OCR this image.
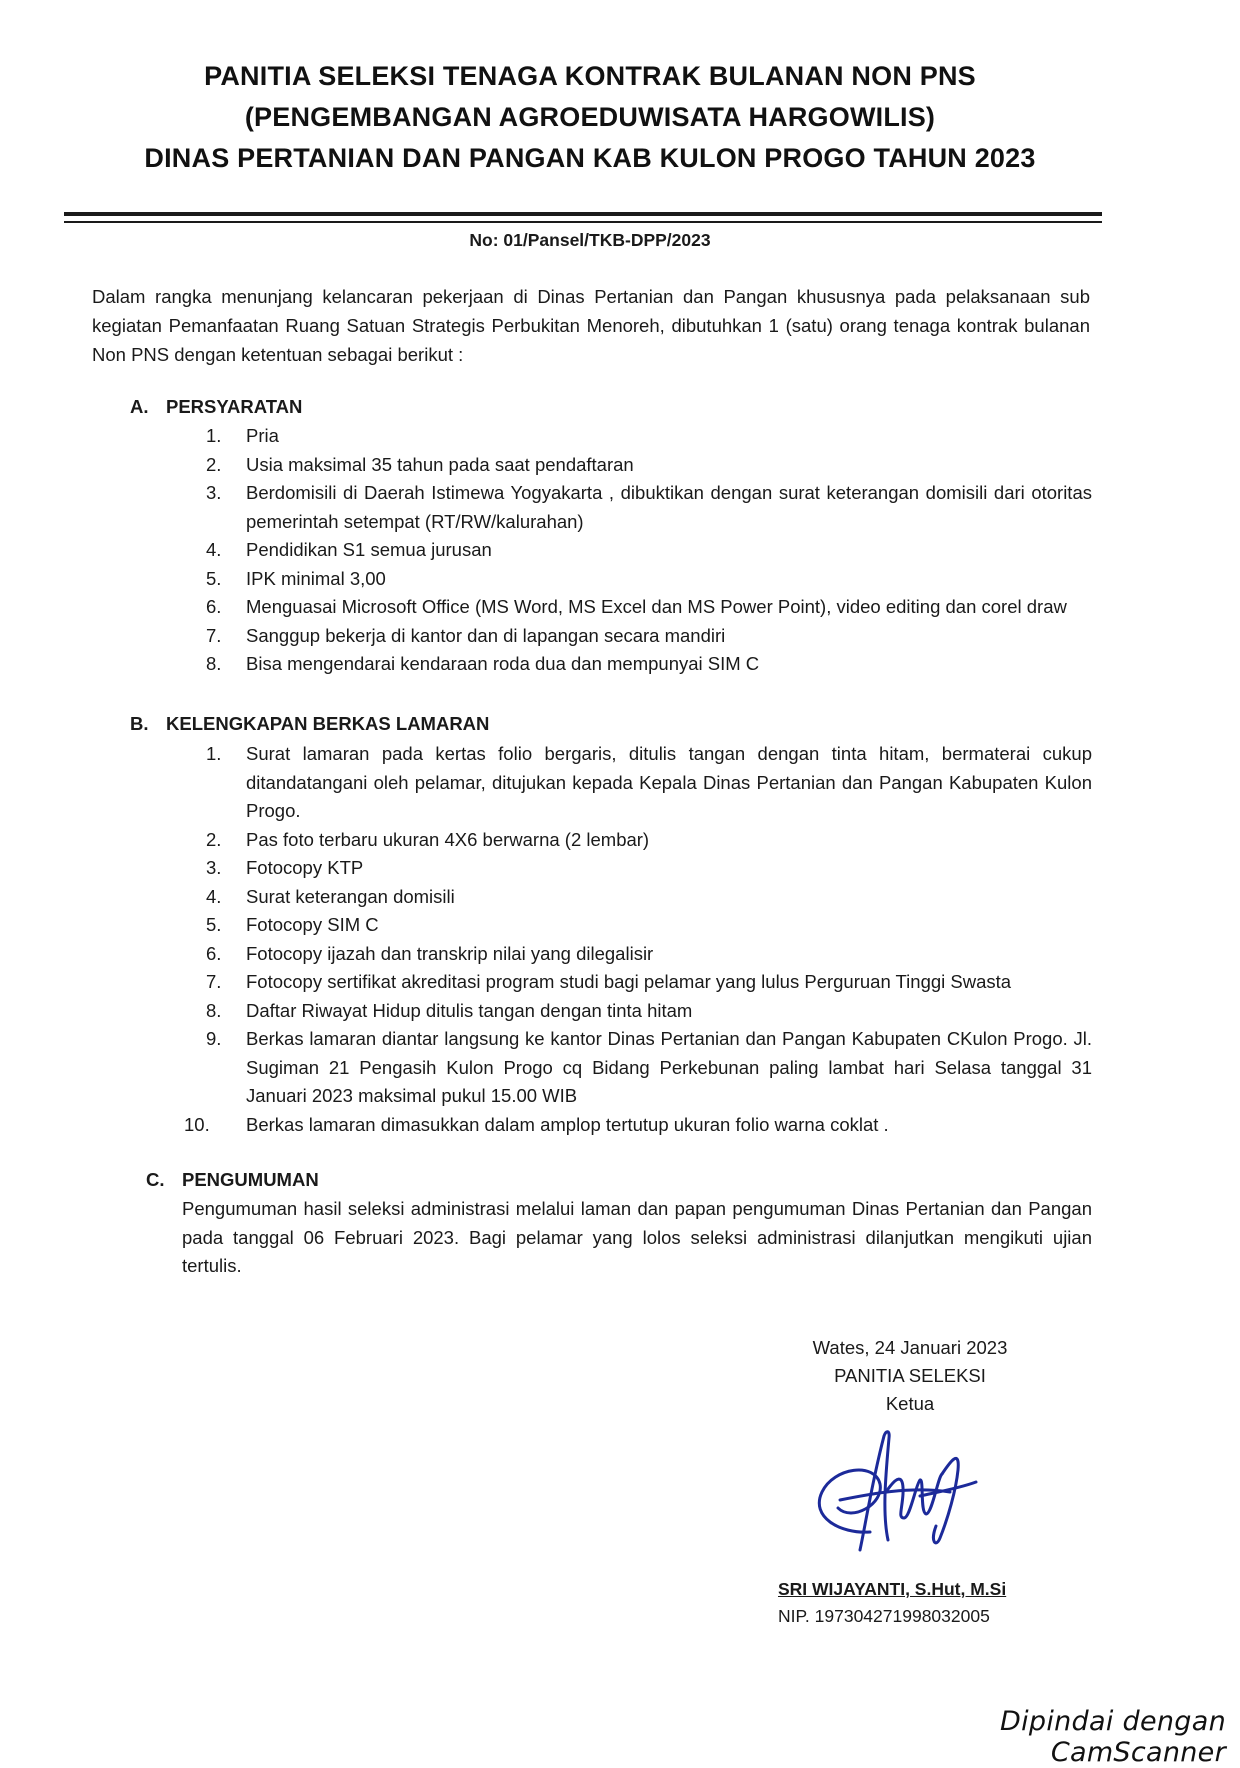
PANITIA SELEKSI TENAGA KONTRAK BULANAN NON PNS
(PENGEMBANGAN AGROEDUWISATA HARGOWILIS)
DINAS PERTANIAN DAN PANGAN KAB KULON PROGO TAHUN 2023
No: 01/Pansel/TKB-DPP/2023
Dalam rangka menunjang kelancaran pekerjaan di Dinas Pertanian dan Pangan khususnya pada pelaksanaan sub kegiatan Pemanfaatan Ruang Satuan Strategis Perbukitan Menoreh, dibutuhkan 1 (satu) orang tenaga kontrak bulanan Non PNS dengan ketentuan sebagai berikut :
A. PERSYARATAN
1.	Pria
2.	Usia maksimal 35 tahun pada saat pendaftaran
3.	Berdomisili di Daerah Istimewa Yogyakarta , dibuktikan dengan surat keterangan domisili dari otoritas pemerintah setempat (RT/RW/kalurahan)
4.	Pendidikan S1 semua jurusan
5.	IPK minimal 3,00
6.	Menguasai Microsoft Office (MS Word, MS Excel dan MS Power Point), video editing dan corel draw
7.	Sanggup bekerja di kantor dan di lapangan secara mandiri
8.	Bisa mengendarai kendaraan roda dua dan mempunyai SIM C
B. KELENGKAPAN BERKAS LAMARAN
1.	Surat lamaran pada kertas folio bergaris, ditulis tangan dengan tinta hitam, bermaterai cukup ditandatangani oleh pelamar, ditujukan kepada Kepala Dinas Pertanian dan Pangan Kabupaten Kulon Progo.
2.	Pas foto terbaru ukuran 4X6 berwarna (2 lembar)
3.	Fotocopy KTP
4.	Surat keterangan domisili
5.	Fotocopy SIM C
6.	Fotocopy ijazah dan transkrip nilai yang dilegalisir
7.	Fotocopy sertifikat akreditasi program studi bagi pelamar yang lulus Perguruan Tinggi Swasta
8.	Daftar Riwayat Hidup ditulis tangan dengan tinta hitam
9.	Berkas lamaran diantar langsung ke kantor Dinas Pertanian dan Pangan Kabupaten CKulon Progo. Jl. Sugiman 21 Pengasih Kulon Progo cq Bidang Perkebunan paling lambat hari Selasa tanggal 31 Januari 2023 maksimal pukul 15.00 WIB
10.	Berkas lamaran dimasukkan dalam amplop tertutup ukuran folio warna coklat .
C. PENGUMUMAN
Pengumuman hasil seleksi administrasi melalui laman dan papan pengumuman Dinas Pertanian dan Pangan pada tanggal 06 Februari 2023. Bagi pelamar yang lolos seleksi administrasi dilanjutkan mengikuti ujian tertulis.
Wates, 24 Januari 2023
PANITIA SELEKSI
Ketua
SRI WIJAYANTI, S.Hut, M.Si
NIP. 197304271998032005
Dipindai dengan CamScanner
